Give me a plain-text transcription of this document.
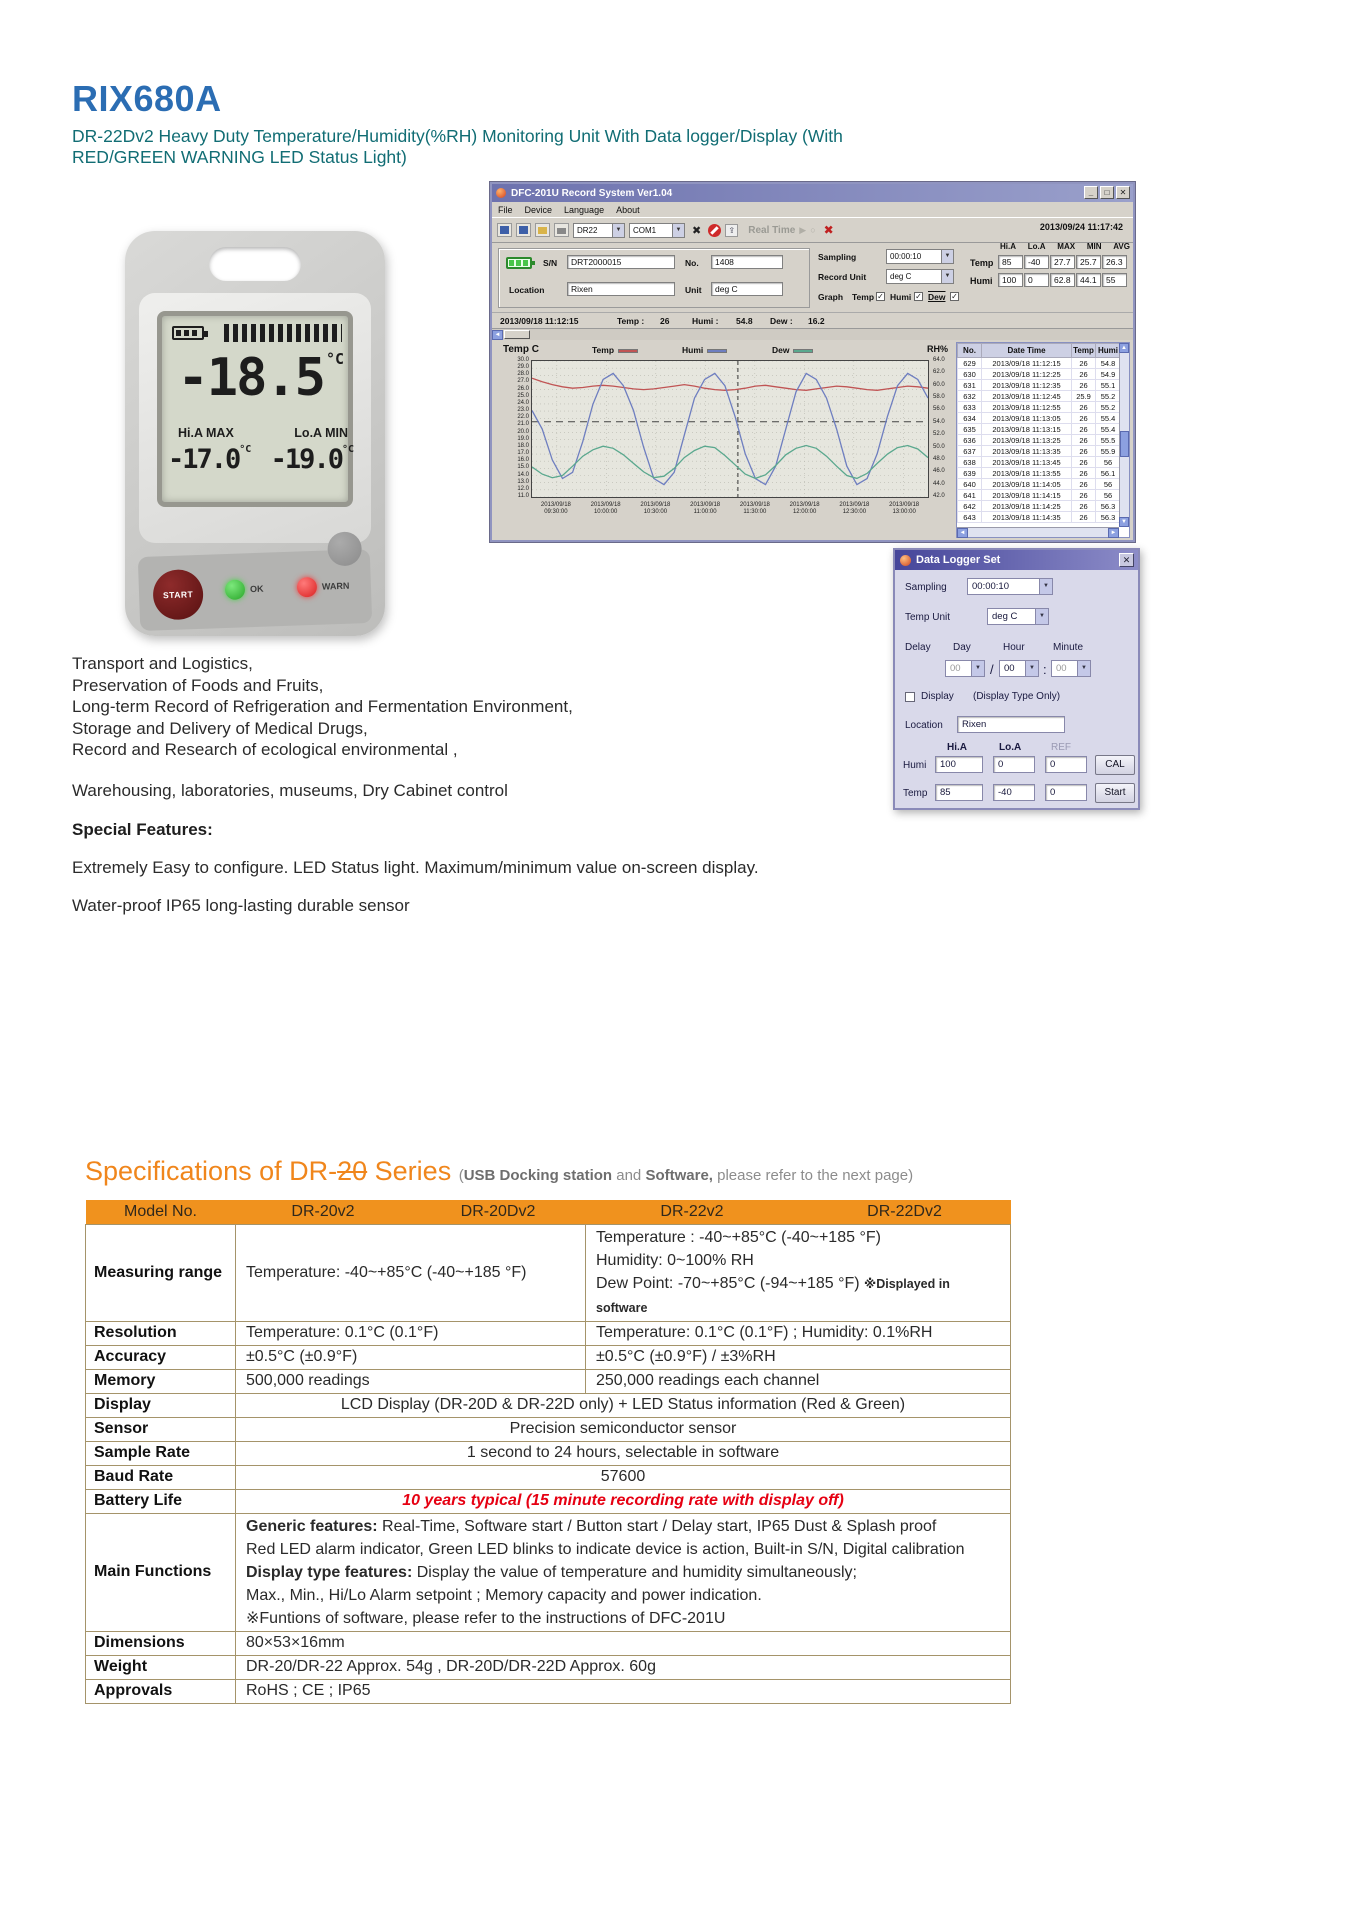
RIX680A
DR-22Dv2 Heavy Duty Temperature/Humidity(%RH) Monitoring Unit With Data logger/Display (With RED/GREEN WARNING LED Status Light)
-18.5 °C
Hi.A MAX	Lo.A MIN
$-17.0^{^\circ C}$ $-19.0^{^\circ C}$
START
OK	WARN
DFC-201U Record System Ver1.04	_	□	✕
File Device Language About
DR22	▼	COM1	▼ ✖	⇪	Real Time ▶ ○ ✖	2013/09/24 11:17:42
S/N	DRT2000015	No.	1408
Location	Rixen	Unit	deg C
Sampling	00:00:10	▼
Record Unit	deg C	▼
Graph Temp ✓ Humi ✓ Dew ✓
Hi.A Lo.A MAX MIN AVG
Temp	85	-40	27.7	25.7	26.3
Humi	100	0	62.8	44.1	55
2013/09/18 11:12:15	Temp : 26	Humi : 54.8 Dew : 16.2
◄
Temp C	Temp	Humi	Dew	RH%
30.0
29.0
28.0
27.0
26.0
25.0
24.0
23.0
22.0
21.0
20.0
19.0
18.0
17.0
16.0
15.0
14.0
13.0
12.0
11.0
64.0
62.0
60.0
58.0
56.0
54.0
52.0
50.0
48.0
46.0
44.0
42.0
2013/09/18
09:30:00
2013/09/18
10:00:00
2013/09/18
10:30:00
2013/09/18
11:00:00
2013/09/18
11:30:00
2013/09/18
12:00:00
2013/09/18
12:30:00
2013/09/18
13:00:00
No.	Date Time	Temp	Humi
629	2013/09/18 11:12:15	26	54.8
630	2013/09/18 11:12:25	26	54.9
631	2013/09/18 11:12:35	26	55.1
632	2013/09/18 11:12:45	25.9	55.2
633	2013/09/18 11:12:55	26	55.2
634	2013/09/18 11:13:05	26	55.4
635	2013/09/18 11:13:15	26	55.4
636	2013/09/18 11:13:25	26	55.5
637	2013/09/18 11:13:35	26	55.9
638	2013/09/18 11:13:45	26	56
639	2013/09/18 11:13:55	26	56.1
640	2013/09/18 11:14:05	26	56
641	2013/09/18 11:14:15	26	56
642	2013/09/18 11:14:25	26	56.3
643	2013/09/18 11:14:35	26	56.3
▲
▼
◄	►
Data Logger Set	✕
Sampling	00:00:10	▼
Temp Unit	deg C	▼
Delay Day	Hour	Minute
00	▼ /	00	▼ : 00	▼
Display (Display Type Only)
Location	Rixen
Hi.A	Lo.A	REF
Humi	100	0	0	CAL
Temp	85	-40	0	Start
Transport and Logistics,
Preservation of Foods and Fruits,
Long-term Record of Refrigeration and Fermentation Environment,
Storage and Delivery of Medical Drugs,
Record and Research of ecological environmental ,
Warehousing, laboratories, museums, Dry Cabinet control
Special Features:
Extremely Easy to configure. LED Status light. Maximum/minimum value on-screen display.
Water-proof IP65 long-lasting durable sensor
Specifications of DR-20 Series (USB Docking station and Software, please refer to the next page)
Model No.	DR-20v2	DR-20Dv2	DR-22v2	DR-22Dv2
Measuring range	Temperature: -40~+85°C (-40~+185 °F)		Temperature : -40~+85°C (-40~+185 °F)
Humidity: 0~100% RH
Dew Point: -70~+85°C (-94~+185 °F) ※Displayed in software	

Resolution	Temperature: 0.1°C (0.1°F)		Temperature: 0.1°C (0.1°F) ; Humidity: 0.1%RH	
Accuracy	±0.5°C (±0.9°F)		±0.5°C (±0.9°F) / ±3%RH	
Memory	500,000 readings		250,000 readings each channel	
Display	LCD Display (DR-20D & DR-22D only) + LED Status information (Red & Green)			
Sensor	Precision semiconductor sensor			
Sample Rate	1 second to 24 hours, selectable in software			
Baud Rate	57600			
Battery Life	10 years typical (15 minute recording rate with display off)			
Main Functions	Generic features: Real-Time, Software start / Button start / Delay start, IP65 Dust & Splash proof
Red LED alarm indicator, Green LED blinks to indicate device is action, Built-in S/N, Digital calibration
Display type features: Display the value of temperature and humidity simultaneously;
Max., Min., Hi/Lo Alarm setpoint ; Memory capacity and power indication.
※Funtions of software, please refer to the instructions of DFC-201U			

Dimensions	80×53×16mm			
Weight	DR-20/DR-22 Approx. 54g , DR-20D/DR-22D Approx. 60g			
Approvals	RoHS ; CE ; IP65			
